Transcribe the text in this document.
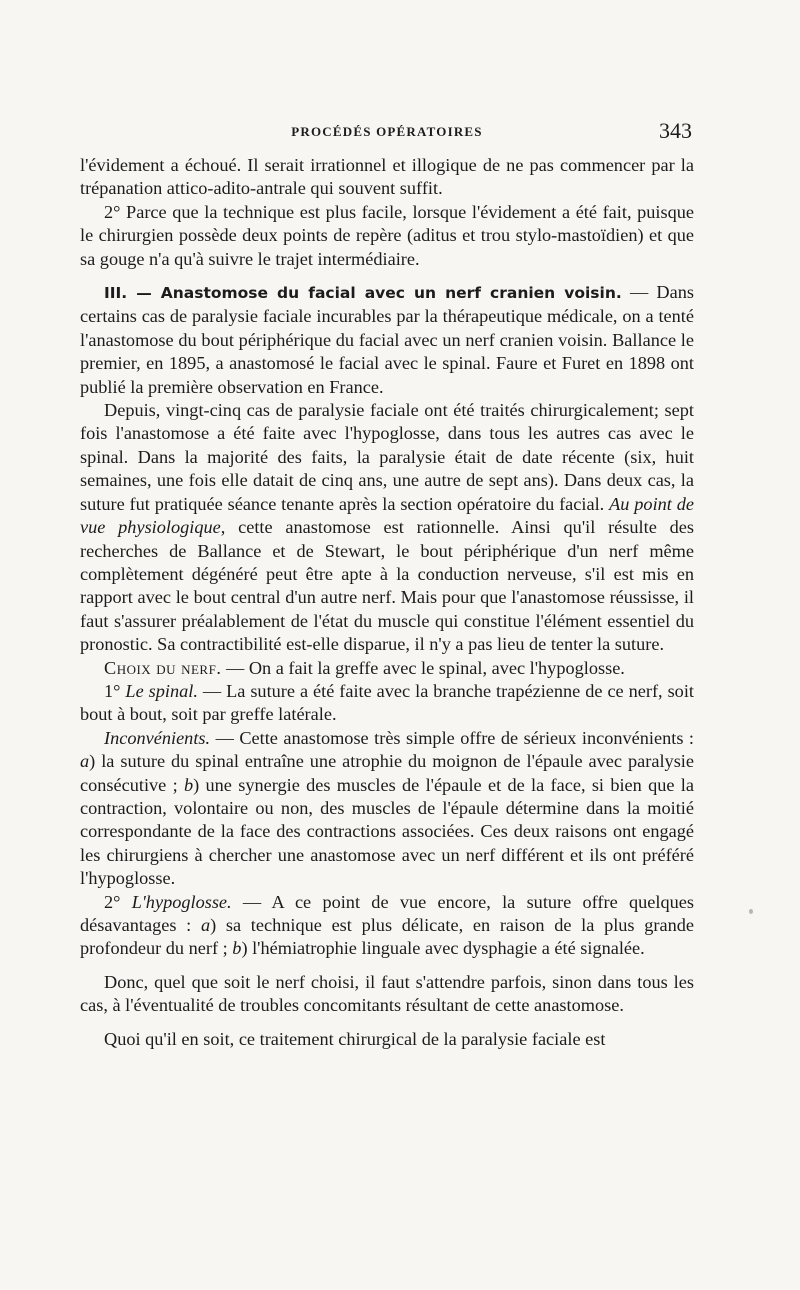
PROCÉDÉS OPÉRATOIRES	343

l'évidement a échoué. Il serait irrationnel et illogique de ne pas commencer par la trépanation attico-adito-antrale qui souvent suffit.

2° Parce que la technique est plus facile, lorsque l'évidement a été fait, puisque le chirurgien possède deux points de repère (aditus et trou stylo-mastoïdien) et que sa gouge n'a qu'à suivre le trajet intermédiaire.

III. — Anastomose du facial avec un nerf cranien voisin. — Dans certains cas de paralysie faciale incurables par la thérapeutique médicale, on a tenté l'anastomose du bout périphérique du facial avec un nerf cranien voisin. Ballance le premier, en 1895, a anastomosé le facial avec le spinal. Faure et Furet en 1898 ont publié la première observation en France.

Depuis, vingt-cinq cas de paralysie faciale ont été traités chirurgicalement; sept fois l'anastomose a été faite avec l'hypoglosse, dans tous les autres cas avec le spinal. Dans la majorité des faits, la paralysie était de date récente (six, huit semaines, une fois elle datait de cinq ans, une autre de sept ans). Dans deux cas, la suture fut pratiquée séance tenante après la section opératoire du facial. Au point de vue physiologique, cette anastomose est rationnelle. Ainsi qu'il résulte des recherches de Ballance et de Stewart, le bout périphérique d'un nerf même complètement dégénéré peut être apte à la conduction nerveuse, s'il est mis en rapport avec le bout central d'un autre nerf. Mais pour que l'anastomose réussisse, il faut s'assurer préalablement de l'état du muscle qui constitue l'élément essentiel du pronostic. Sa contractibilité est-elle disparue, il n'y a pas lieu de tenter la suture.

Choix du nerf. — On a fait la greffe avec le spinal, avec l'hypoglosse.

1° Le spinal. — La suture a été faite avec la branche trapézienne de ce nerf, soit bout à bout, soit par greffe latérale.

Inconvénients. — Cette anastomose très simple offre de sérieux inconvénients : a) la suture du spinal entraîne une atrophie du moignon de l'épaule avec paralysie consécutive ; b) une synergie des muscles de l'épaule et de la face, si bien que la contraction, volontaire ou non, des muscles de l'épaule détermine dans la moitié correspondante de la face des contractions associées. Ces deux raisons ont engagé les chirurgiens à chercher une anastomose avec un nerf différent et ils ont préféré l'hypoglosse.

2° L'hypoglosse. — A ce point de vue encore, la suture offre quelques désavantages : a) sa technique est plus délicate, en raison de la plus grande profondeur du nerf ; b) l'hémiatrophie linguale avec dysphagie a été signalée.

Donc, quel que soit le nerf choisi, il faut s'attendre parfois, sinon dans tous les cas, à l'éventualité de troubles concomitants résultant de cette anastomose.

Quoi qu'il en soit, ce traitement chirurgical de la paralysie faciale est
